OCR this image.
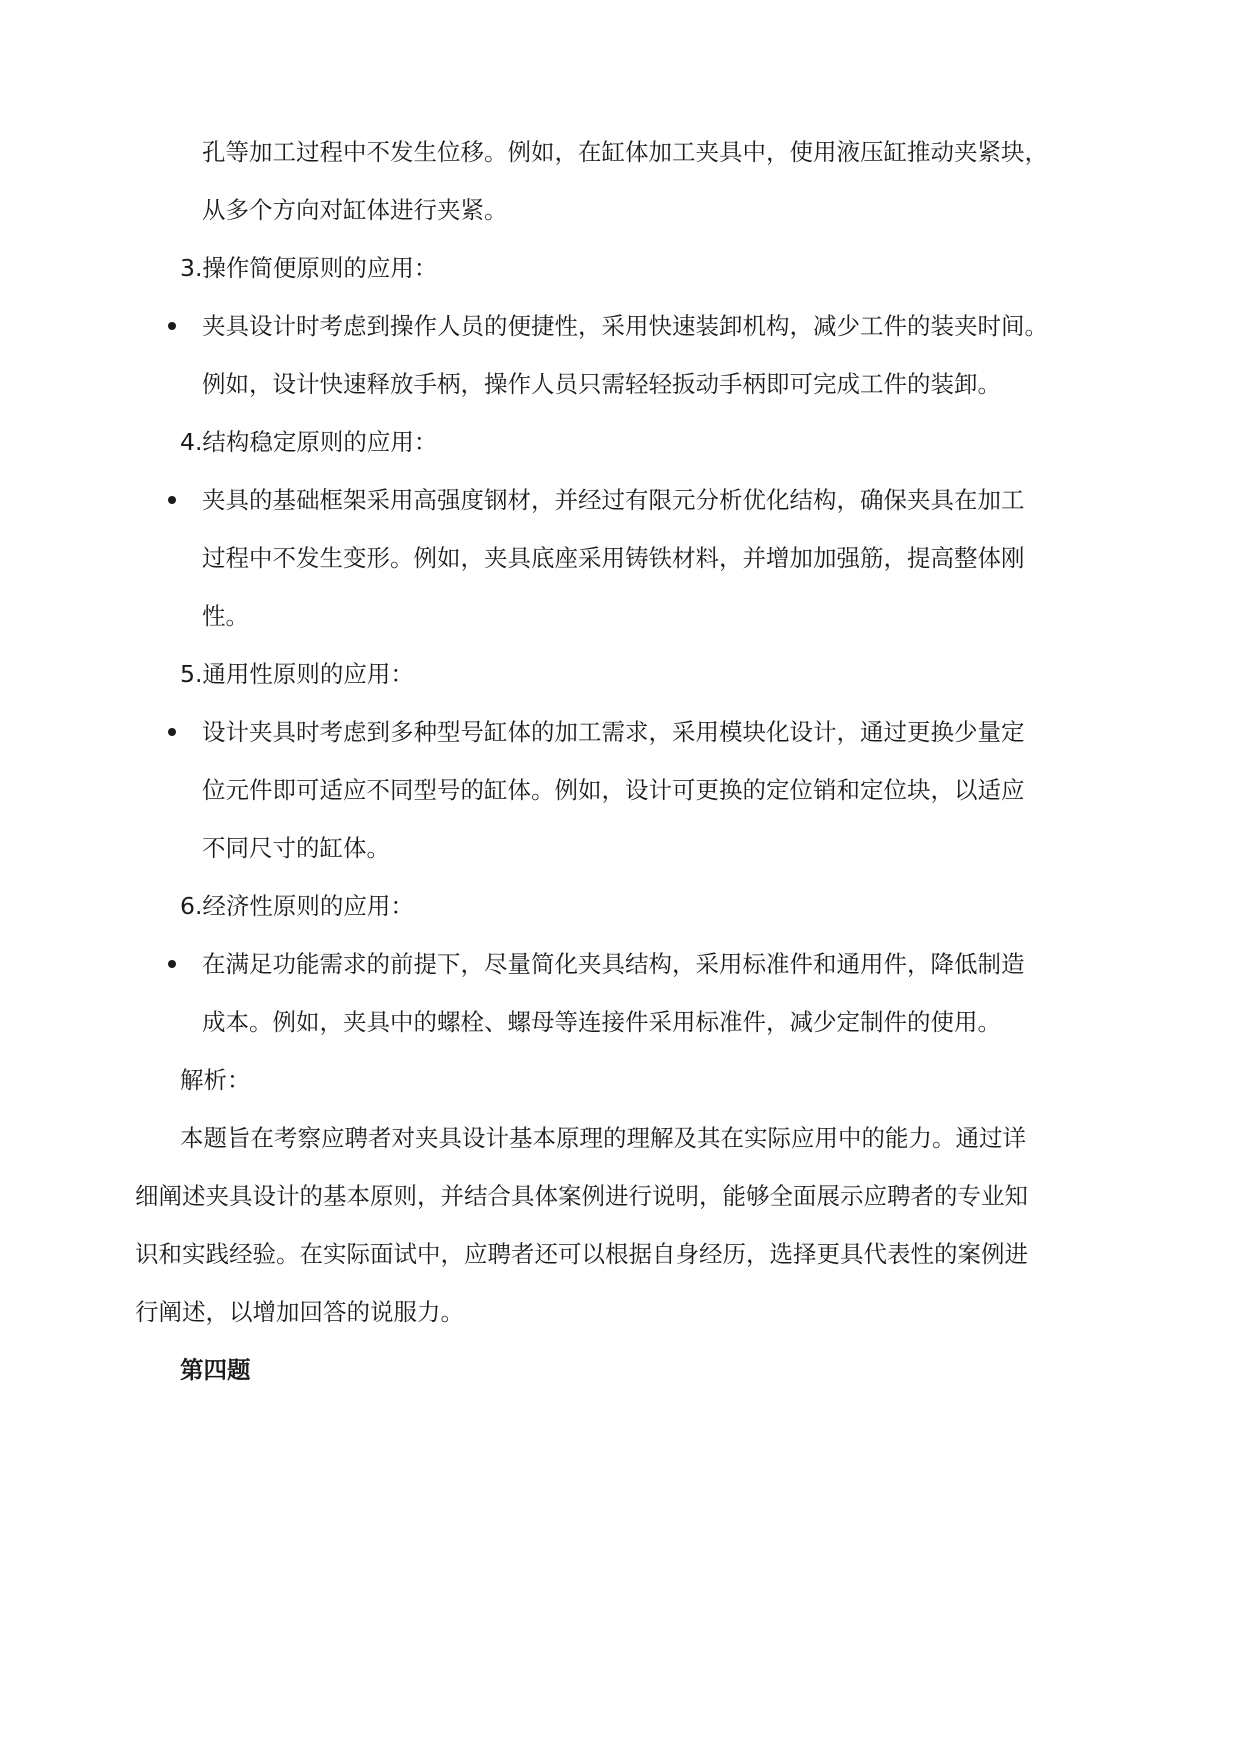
孔等加工过程中不发生位移。例如，在缸体加工夹具中，使用液压缸推动夹紧块，
从多个方向对缸体进行夹紧。
3.操作简便原则的应用：
夹具设计时考虑到操作人员的便捷性，采用快速装卸机构，减少工件的装夹时间。
例如，设计快速释放手柄，操作人员只需轻轻扳动手柄即可完成工件的装卸。
4.结构稳定原则的应用：
夹具的基础框架采用高强度钢材，并经过有限元分析优化结构，确保夹具在加工
过程中不发生变形。例如，夹具底座采用铸铁材料，并增加加强筋，提高整体刚
性。
5.通用性原则的应用：
设计夹具时考虑到多种型号缸体的加工需求，采用模块化设计，通过更换少量定
位元件即可适应不同型号的缸体。例如，设计可更换的定位销和定位块，以适应
不同尺寸的缸体。
6.经济性原则的应用：
在满足功能需求的前提下，尽量简化夹具结构，采用标准件和通用件，降低制造
成本。例如，夹具中的螺栓、螺母等连接件采用标准件，减少定制件的使用。
解析：
本题旨在考察应聘者对夹具设计基本原理的理解及其在实际应用中的能力。通过详
细阐述夹具设计的基本原则，并结合具体案例进行说明，能够全面展示应聘者的专业知
识和实践经验。在实际面试中，应聘者还可以根据自身经历，选择更具代表性的案例进
行阐述，以增加回答的说服力。
第四题
